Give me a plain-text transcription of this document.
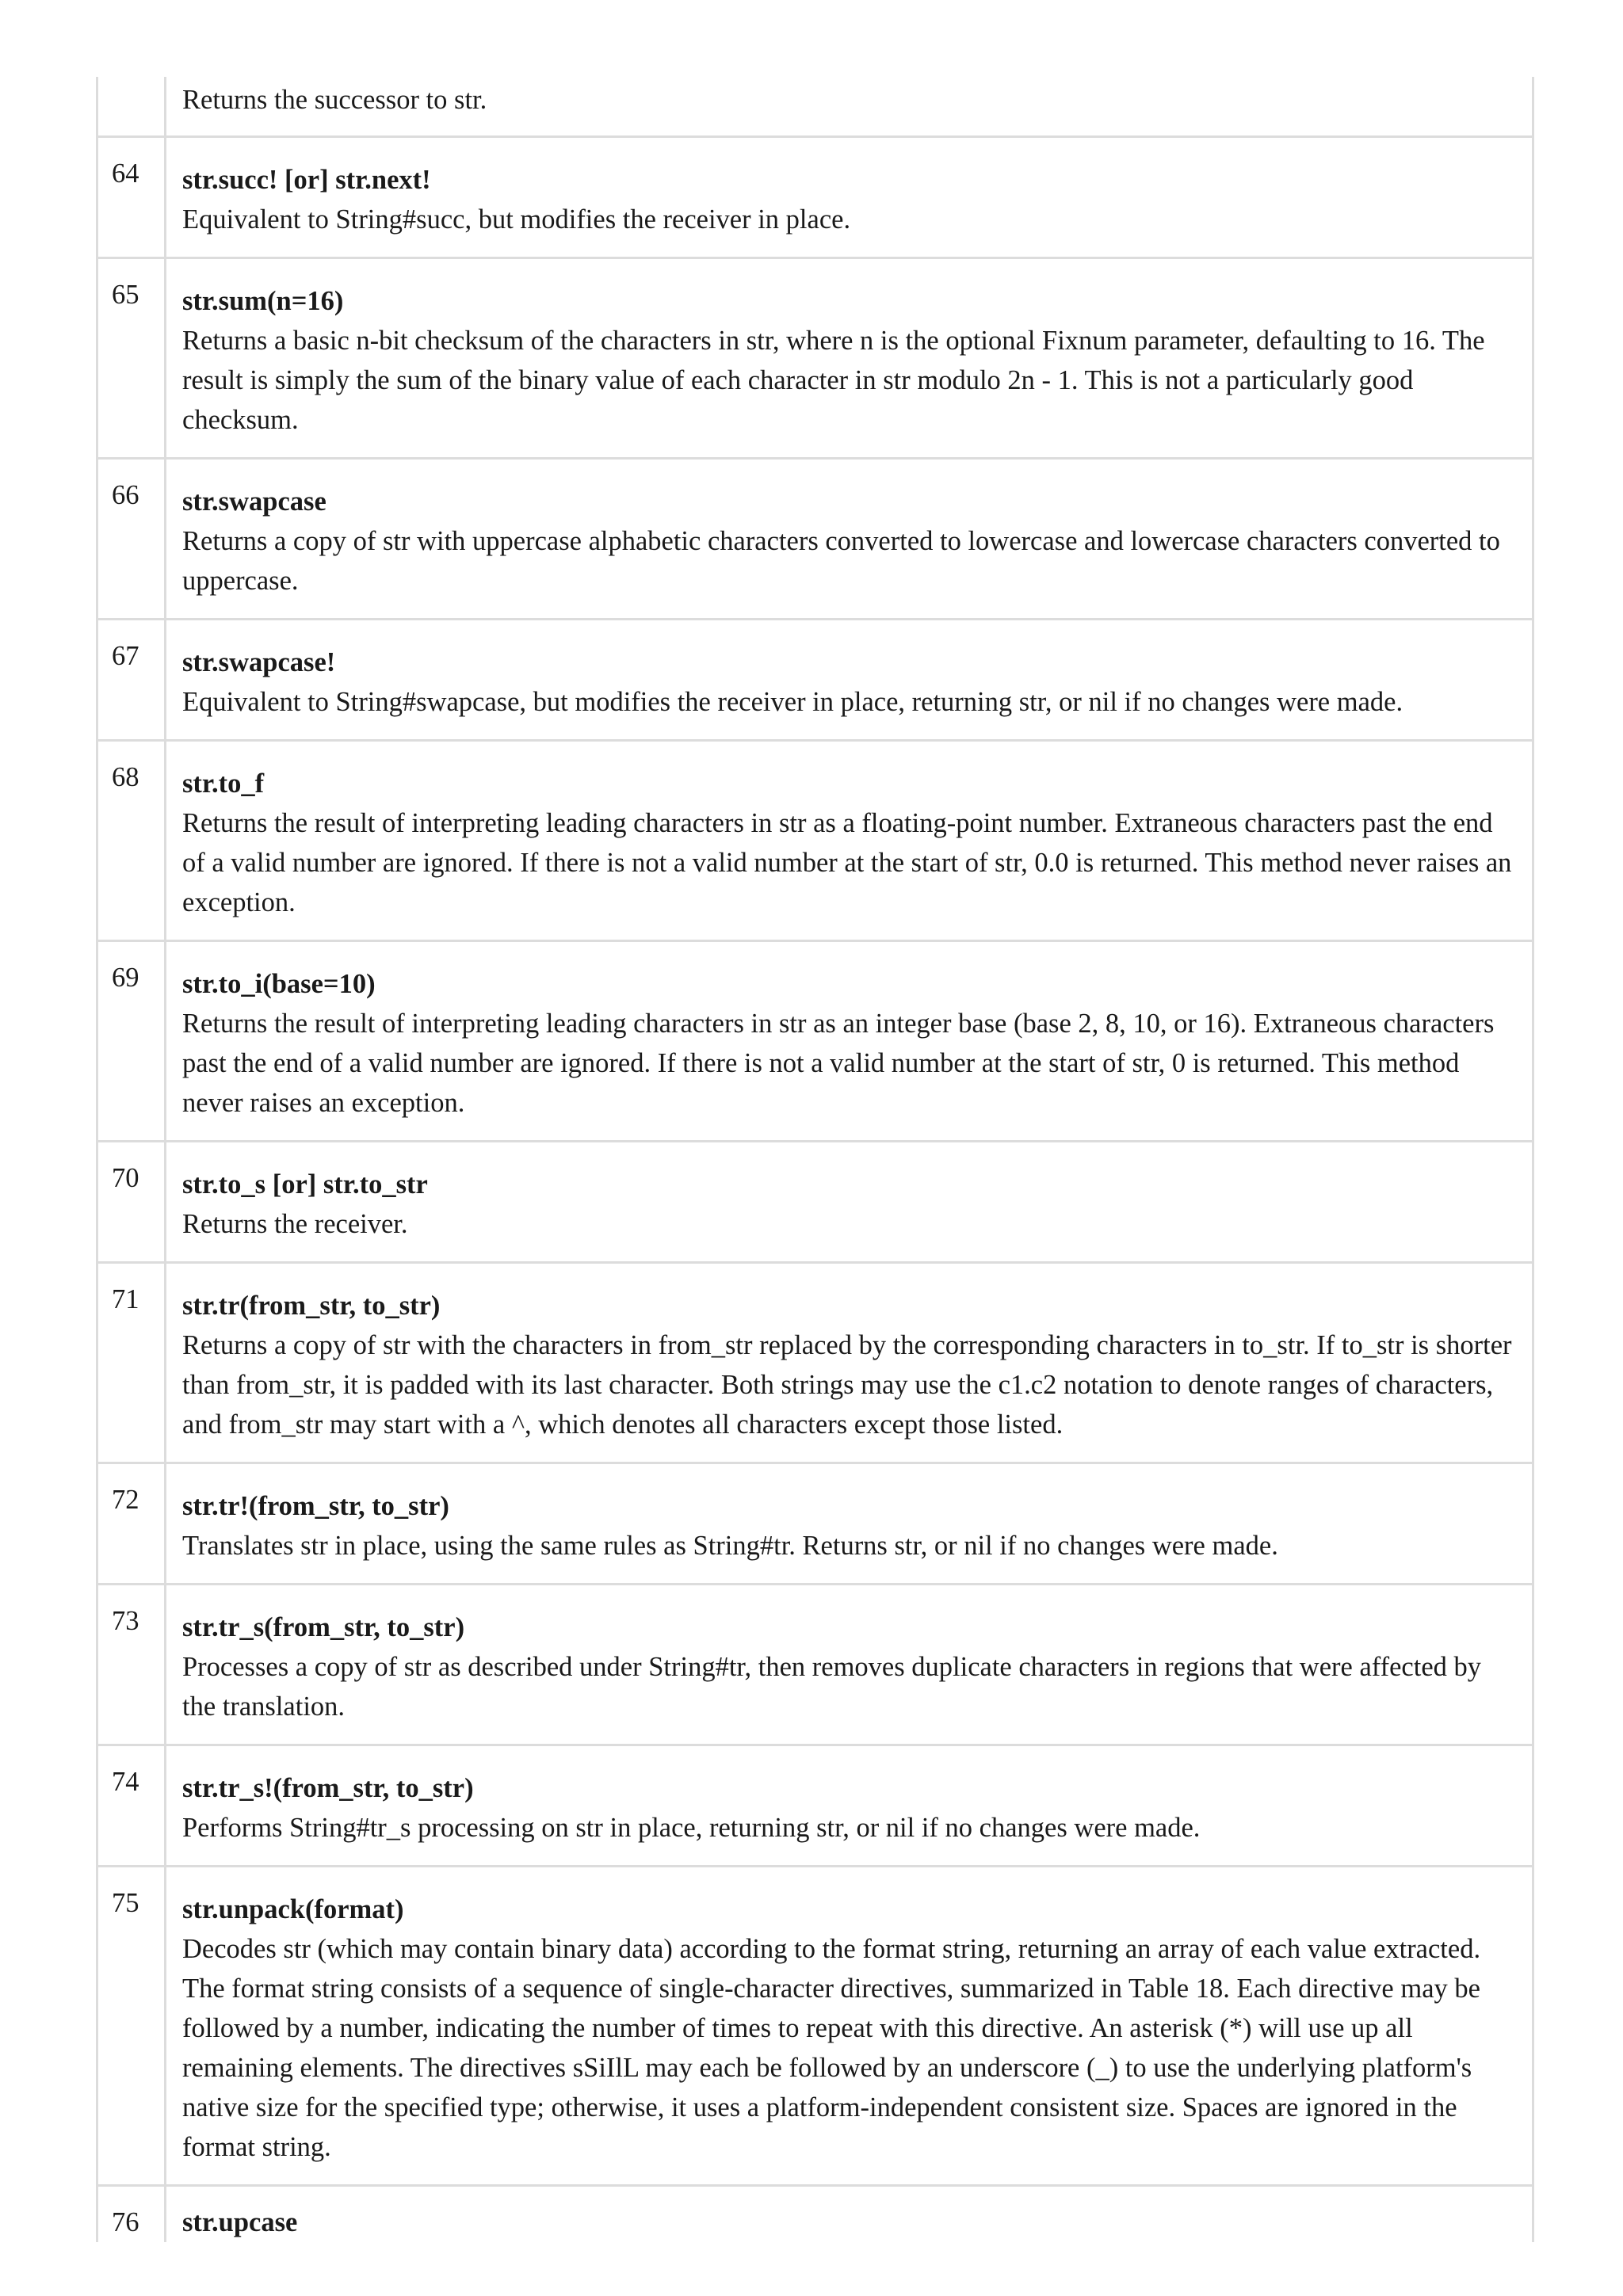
	Returns the successor to str.

64	str.succ! [or] str.next!
Equivalent to String#succ, but modifies the receiver in place.

65	str.sum(n=16)
Returns a basic n-bit checksum of the characters in str, where n is the optional Fixnum parameter, defaulting to 16. The result is simply the sum of the binary value of each character in str modulo 2n - 1. This is not a particularly good checksum.

66	str.swapcase
Returns a copy of str with uppercase alphabetic characters converted to lowercase and lowercase characters converted to uppercase.

67	str.swapcase!
Equivalent to String#swapcase, but modifies the receiver in place, returning str, or nil if no changes were made.

68	str.to_f
Returns the result of interpreting leading characters in str as a floating-point number. Extraneous characters past the end of a valid number are ignored. If there is not a valid number at the start of str, 0.0 is returned. This method never raises an exception.

69	str.to_i(base=10)
Returns the result of interpreting leading characters in str as an integer base (base 2, 8, 10, or 16). Extraneous characters past the end of a valid number are ignored. If there is not a valid number at the start of str, 0 is returned. This method never raises an exception.

70	str.to_s [or] str.to_str
Returns the receiver.

71	str.tr(from_str, to_str)
Returns a copy of str with the characters in from_str replaced by the corresponding characters in to_str. If to_str is shorter than from_str, it is padded with its last character. Both strings may use the c1.c2 notation to denote ranges of characters, and from_str may start with a ^, which denotes all characters except those listed.

72	str.tr!(from_str, to_str)
Translates str in place, using the same rules as String#tr. Returns str, or nil if no changes were made.

73	str.tr_s(from_str, to_str)
Processes a copy of str as described under String#tr, then removes duplicate characters in regions that were affected by the translation.

74	str.tr_s!(from_str, to_str)
Performs String#tr_s processing on str in place, returning str, or nil if no changes were made.

75	str.unpack(format)
Decodes str (which may contain binary data) according to the format string, returning an array of each value extracted. The format string consists of a sequence of single-character directives, summarized in Table 18. Each directive may be followed by a number, indicating the number of times to repeat with this directive. An asterisk (*) will use up all remaining elements. The directives sSiIlL may each be followed by an underscore (_) to use the underlying platform's native size for the specified type; otherwise, it uses a platform-independent consistent size. Spaces are ignored in the format string.

76	str.upcase
